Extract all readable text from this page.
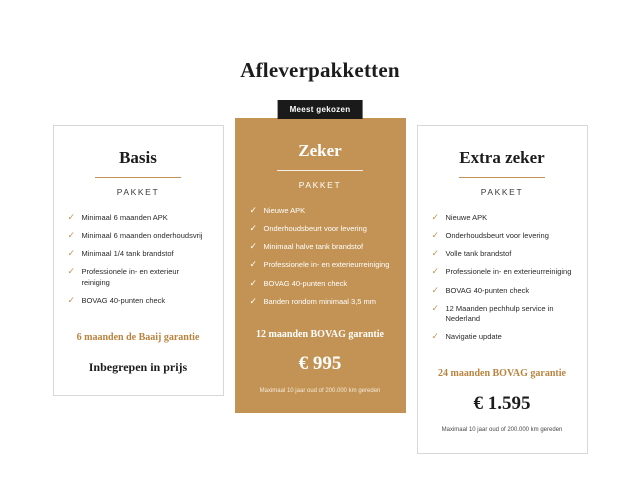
Afleverpakketten
Basis
PAKKET
✓ Minimaal 6 maanden APK
✓ Minimaal 6 maanden onderhoudsvrij
✓ Minimaal 1/4 tank brandstof
✓ Professionele in- en exterieur reiniging
✓ BOVAG 40-punten check
6 maanden de Baaij garantie
Inbegrepen in prijs
Meest gekozen
Zeker
PAKKET
✓ Nieuwe APK
✓ Onderhoudsbeurt voor levering
✓ Minimaal halve tank brandstof
✓ Professionele in- en exterieurreiniging
✓ BOVAG 40-punten check
✓ Banden rondom minimaal 3,5 mm
12 maanden BOVAG garantie
€ 995
Maximaal 10 jaar oud of 200.000 km gereden
Extra zeker
PAKKET
✓ Nieuwe APK
✓ Onderhoudsbeurt voor levering
✓ Volle tank brandstof
✓ Professionele in- en exterieurreiniging
✓ BOVAG 40-punten check
✓ 12 Maanden pechhulp service in Nederland
✓ Navigatie update
24 maanden BOVAG garantie
€ 1.595
Maximaal 10 jaar oud of 200.000 km gereden
